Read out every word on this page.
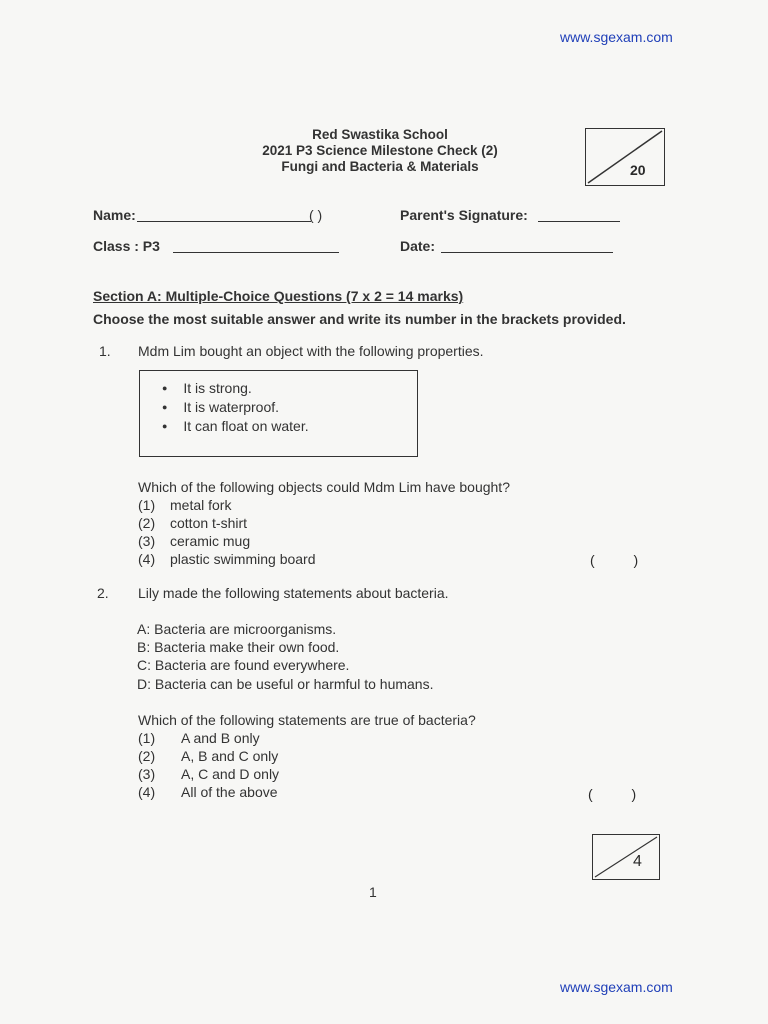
www.sgexam.com
Red Swastika School
2021 P3 Science Milestone Check (2)
Fungi and Bacteria & Materials	20
Name:	( )	Parent's Signature:
Class : P3	Date:
Section A: Multiple-Choice Questions (7 x 2 = 14 marks)
Choose the most suitable answer and write its number in the brackets provided.
1. Mdm Lim bought an object with the following properties.
● It is strong.
● It is waterproof.
● It can float on water.
Which of the following objects could Mdm Lim have bought?
(1) metal fork
(2) cotton t-shirt
(3) ceramic mug
(4) plastic swimming board	(          )
2. Lily made the following statements about bacteria.
A: Bacteria are microorganisms.
B: Bacteria make their own food.
C: Bacteria are found everywhere.
D: Bacteria can be useful or harmful to humans.
Which of the following statements are true of bacteria?
(1) A and B only
(2) A, B and C only
(3) A, C and D only
(4) All of the above	(          )
4
1
www.sgexam.com
